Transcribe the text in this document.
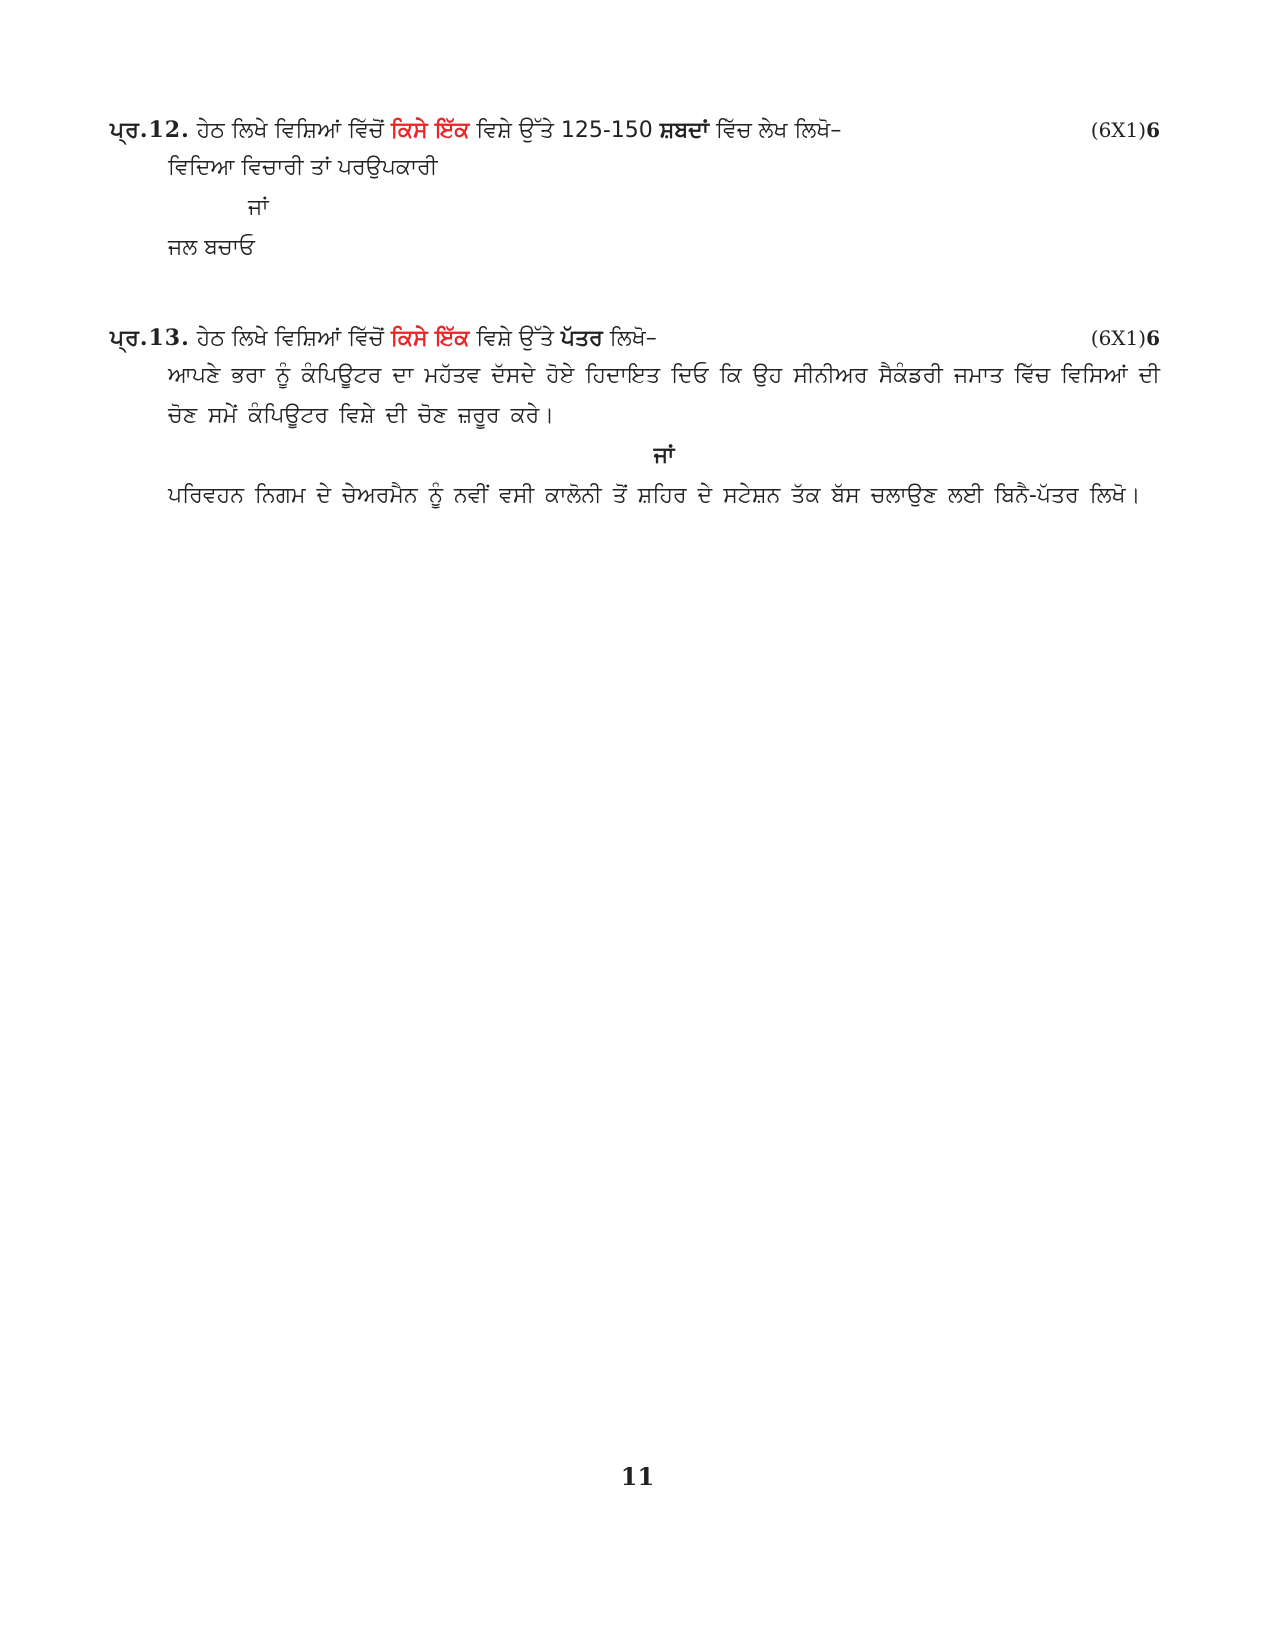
ਪ੍ਰ.12. ਹੇਠ ਲਿਖੇ ਵਿਸ਼ਿਆਂ ਵਿੱਚੋਂ ਕਿਸੇ ਇੱਕ ਵਿਸ਼ੇ ਉੱਤੇ 125-150 ਸ਼ਬਦਾਂ ਵਿੱਚ ਲੇਖ ਲਿਖੋ–	(6X1)6
ਵਿਦਿਆ ਵਿਚਾਰੀ ਤਾਂ ਪਰਉਪਕਾਰੀ
ਜਾਂ
ਜਲ ਬਚਾਓ
ਪ੍ਰ.13. ਹੇਠ ਲਿਖੇ ਵਿਸ਼ਿਆਂ ਵਿੱਚੋਂ ਕਿਸੇ ਇੱਕ ਵਿਸ਼ੇ ਉੱਤੇ ਪੱਤਰ ਲਿਖੋ–	(6X1)6
ਆਪਣੇ ਭਰਾ ਨੂੰ ਕੰਪਿਊਟਰ ਦਾ ਮਹੱਤਵ ਦੱਸਦੇ ਹੋਏ ਹਿਦਾਇਤ ਦਿਓ ਕਿ ਉਹ ਸੀਨੀਅਰ ਸੈਕੰਡਰੀ ਜਮਾਤ ਵਿੱਚ ਵਿਸਿਆਂ ਦੀ ਚੋਣ ਸਮੇਂ ਕੰਪਿਊਟਰ ਵਿਸ਼ੇ ਦੀ ਚੋਣ ਜ਼ਰੂਰ ਕਰੇ।
ਜਾਂ
ਪਰਿਵਹਨ ਨਿਗਮ ਦੇ ਚੇਅਰਮੈਨ ਨੂੰ ਨਵੀਂ ਵਸੀ ਕਾਲੋਨੀ ਤੋਂ ਸ਼ਹਿਰ ਦੇ ਸਟੇਸ਼ਨ ਤੱਕ ਬੱਸ ਚਲਾਉਣ ਲਈ ਬਿਨੈ-ਪੱਤਰ ਲਿਖੋ।
11
